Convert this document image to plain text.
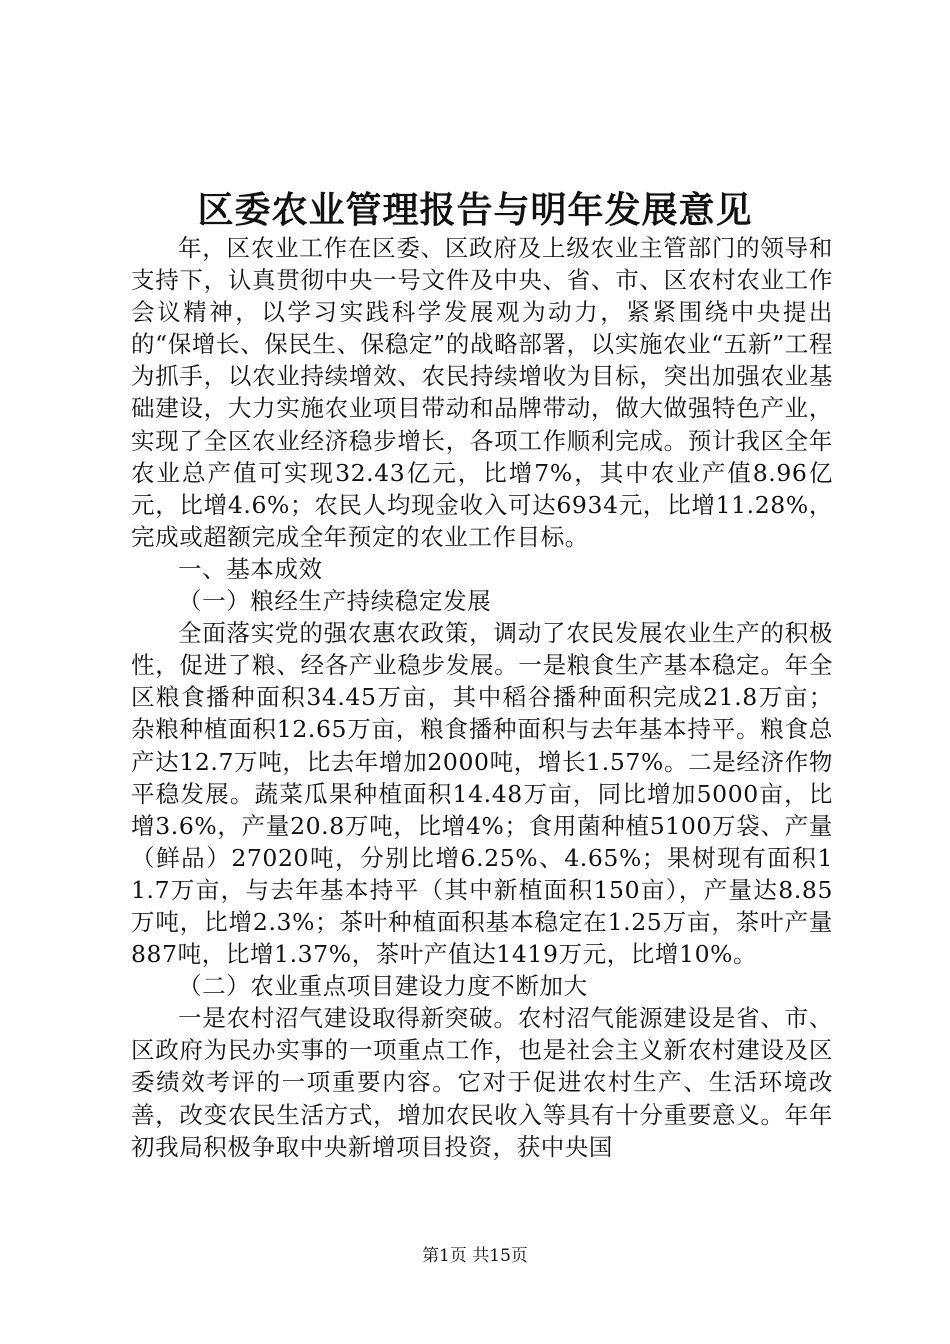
区委农业管理报告与明年发展意见

年，区农业工作在区委、区政府及上级农业主管部门的领导和支持下，认真贯彻中央一号文件及中央、省、市、区农村农业工作会议精神，以学习实践科学发展观为动力，紧紧围绕中央提出的“保增长、保民生、保稳定”的战略部署，以实施农业“五新”工程为抓手，以农业持续增效、农民持续增收为目标，突出加强农业基础建设，大力实施农业项目带动和品牌带动，做大做强特色产业，实现了全区农业经济稳步增长，各项工作顺利完成。预计我区全年农业总产值可实现32.43亿元，比增7%，其中农业产值8.96亿元，比增4.6%；农民人均现金收入可达6934元，比增11.28%，完成或超额完成全年预定的农业工作目标。

一、基本成效

（一）粮经生产持续稳定发展

全面落实党的强农惠农政策，调动了农民发展农业生产的积极性，促进了粮、经各产业稳步发展。一是粮食生产基本稳定。年全区粮食播种面积34.45万亩，其中稻谷播种面积完成21.8万亩；杂粮种植面积12.65万亩，粮食播种面积与去年基本持平。粮食总产达12.7万吨，比去年增加2000吨，增长1.57%。二是经济作物平稳发展。蔬菜瓜果种植面积14.48万亩，同比增加5000亩，比增3.6%，产量20.8万吨，比增4%；食用菌种植5100万袋、产量（鲜品）27020吨，分别比增6.25%、4.65%；果树现有面积11.7万亩，与去年基本持平（其中新植面积150亩），产量达8.85万吨，比增2.3%；茶叶种植面积基本稳定在1.25万亩，茶叶产量887吨，比增1.37%，茶叶产值达1419万元，比增10%。

（二）农业重点项目建设力度不断加大

一是农村沼气建设取得新突破。农村沼气能源建设是省、市、区政府为民办实事的一项重点工作，也是社会主义新农村建设及区委绩效考评的一项重要内容。它对于促进农村生产、生活环境改善，改变农民生活方式，增加农民收入等具有十分重要意义。年年初我局积极争取中央新增项目投资，获中央国

第1页 共15页
